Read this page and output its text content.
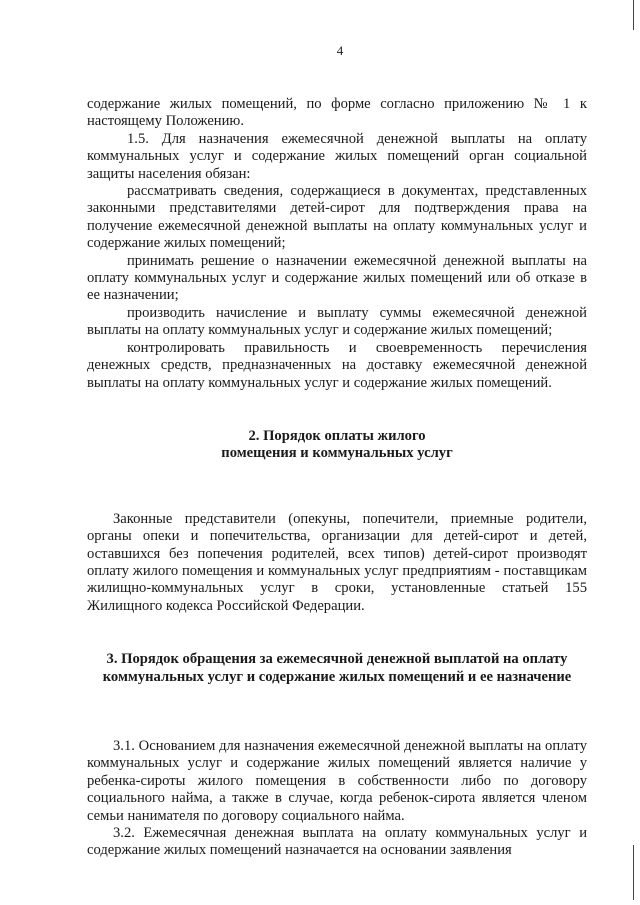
4

содержание жилых помещений, по форме согласно приложению № 1 к настоящему Положению.

1.5. Для назначения ежемесячной денежной выплаты на оплату коммунальных услуг и содержание жилых помещений орган социальной защиты населения обязан:

рассматривать сведения, содержащиеся в документах, представленных законными представителями детей-сирот для подтверждения права на получение ежемесячной денежной выплаты на оплату коммунальных услуг и содержание жилых помещений;

принимать решение о назначении ежемесячной денежной выплаты на оплату коммунальных услуг и содержание жилых помещений или об отказе в ее назначении;

производить начисление и выплату суммы ежемесячной денежной выплаты на оплату коммунальных услуг и содержание жилых помещений;

контролировать правильность и своевременность перечисления денежных средств, предназначенных на доставку ежемесячной денежной выплаты на оплату коммунальных услуг и содержание жилых помещений.

2. Порядок оплаты жилого
помещения и коммунальных услуг

Законные представители (опекуны, попечители, приемные родители, органы опеки и попечительства, организации для детей-сирот и детей, оставшихся без попечения родителей, всех типов) детей-сирот производят оплату жилого помещения и коммунальных услуг предприятиям - поставщикам жилищно-коммунальных услуг в сроки, установленные статьей 155 Жилищного кодекса Российской Федерации.

3. Порядок обращения за ежемесячной денежной выплатой на оплату
коммунальных услуг и содержание жилых помещений и ее назначение

3.1. Основанием для назначения ежемесячной денежной выплаты на оплату коммунальных услуг и содержание жилых помещений является наличие у ребенка-сироты жилого помещения в собственности либо по договору социального найма, а также в случае, когда ребенок-сирота является членом семьи нанимателя по договору социального найма.

3.2. Ежемесячная денежная выплата на оплату коммунальных услуг и содержание жилых помещений назначается на основании заявления
